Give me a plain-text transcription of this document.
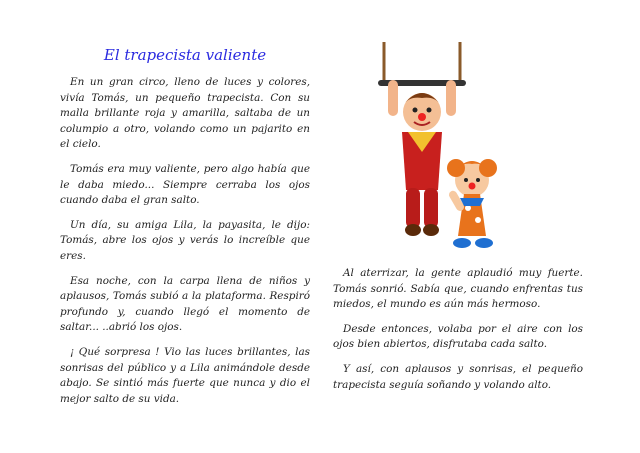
El trapecista valiente

En un gran circo, lleno de luces y colores, vivía Tomás, un pequeño trapecista. Con su malla brillante roja y amarilla, saltaba de un columpio a otro, volando como un pajarito en el cielo.

Tomás era muy valiente, pero algo había que le daba miedo... Siempre cerraba los ojos cuando daba el gran salto.

Un día, su amiga Lila, la payasita, le dijo: Tomás, abre los ojos y verás lo increíble que eres.

Esa noche, con la carpa llena de niños y aplausos, Tomás subió a la plataforma. Respiró profundo y, cuando llegó el momento de saltar... ..abrió los ojos.

¡ Qué sorpresa ! Vio las luces brillantes, las sonrisas del público y a Lila animándole desde abajo. Se sintió más fuerte que nunca y dio el mejor salto de su vida.

Al aterrizar, la gente aplaudió muy fuerte. Tomás sonrió. Sabía que, cuando enfrentas tus miedos, el mundo es aún más hermoso.

Desde entonces, volaba por el aire con los ojos bien abiertos, disfrutaba cada salto.

Y así, con aplausos y sonrisas, el pequeño trapecista seguía soñando y volando alto.
